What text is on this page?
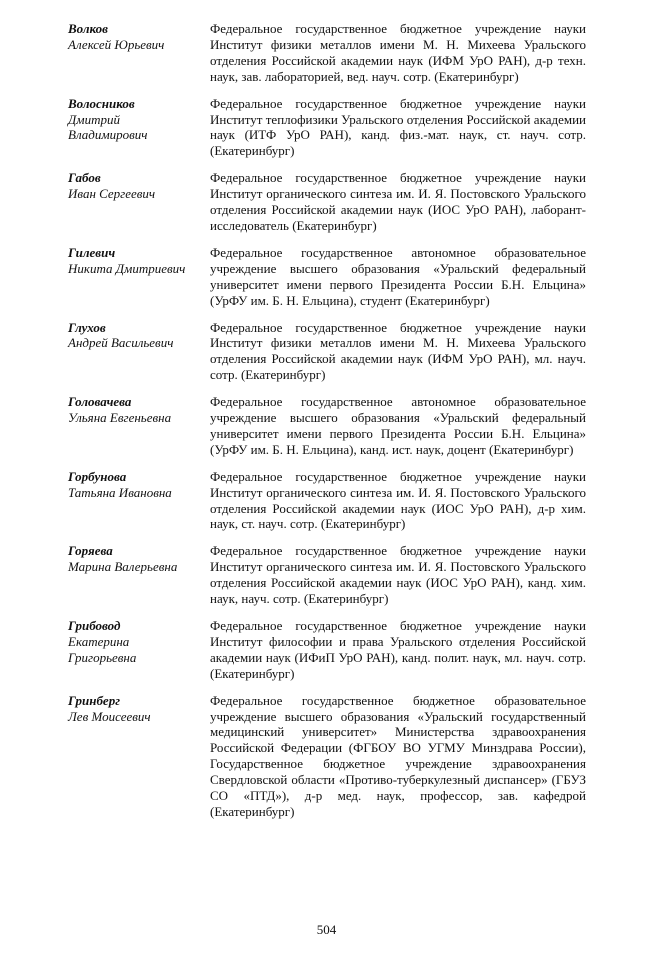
Волков
Алексей Юрьевич
Федеральное государственное бюджетное учреждение науки Институт физики металлов имени М. Н. Михеева Уральского отделения Российской академии наук (ИФМ УрО РАН), д-р техн. наук, зав. лабораторией, вед. науч. сотр. (Екатеринбург)
Волосников
Дмитрий
Владимирович
Федеральное государственное бюджетное учреждение науки Институт теплофизики Уральского отделения Российской академии наук (ИТФ УрО РАН), канд. физ.-мат. наук, ст. науч. сотр. (Екатеринбург)
Габов
Иван Сергеевич
Федеральное государственное бюджетное учреждение науки Институт органического синтеза им. И. Я. Постовского Уральского отделения Российской академии наук (ИОС УрО РАН), лаборант-исследователь (Екатеринбург)
Гилевич
Никита Дмитриевич
Федеральное государственное автономное образовательное учреждение высшего образования «Уральский федеральный университет имени первого Президента России Б.Н. Ельцина» (УрФУ им. Б. Н. Ельцина), студент (Екатеринбург)
Глухов
Андрей Васильевич
Федеральное государственное бюджетное учреждение науки Институт физики металлов имени М. Н. Михеева Уральского отделения Российской академии наук (ИФМ УрО РАН), мл. науч. сотр. (Екатеринбург)
Головачева
Ульяна Евгеньевна
Федеральное государственное автономное образовательное учреждение высшего образования «Уральский федеральный университет имени первого Президента России Б.Н. Ельцина» (УрФУ им. Б. Н. Ельцина), канд. ист. наук, доцент (Екатеринбург)
Горбунова
Татьяна Ивановна
Федеральное государственное бюджетное учреждение науки Институт органического синтеза им. И. Я. Постовского Уральского отделения Российской академии наук (ИОС УрО РАН), д-р хим. наук, ст. науч. сотр. (Екатеринбург)
Горяева
Марина Валерьевна
Федеральное государственное бюджетное учреждение науки Институт органического синтеза им. И. Я. Постовского Уральского отделения Российской академии наук (ИОС УрО РАН), канд. хим. наук, науч. сотр. (Екатеринбург)
Грибовод
Екатерина
Григорьевна
Федеральное государственное бюджетное учреждение науки Институт философии и права Уральского отделения Российской академии наук (ИФиП УрО РАН), канд. полит. наук, мл. науч. сотр. (Екатеринбург)
Гринберг
Лев Моисеевич
Федеральное государственное бюджетное образовательное учреждение высшего образования «Уральский государственный медицинский университет» Министерства здравоохранения Российской Федерации (ФГБОУ ВО УГМУ Минздрава России), Государственное бюджетное учреждение здравоохранения Свердловской области «Противо-туберкулезный диспансер» (ГБУЗ СО «ПТД»), д-р мед. наук, профессор, зав. кафедрой (Екатеринбург)
504
